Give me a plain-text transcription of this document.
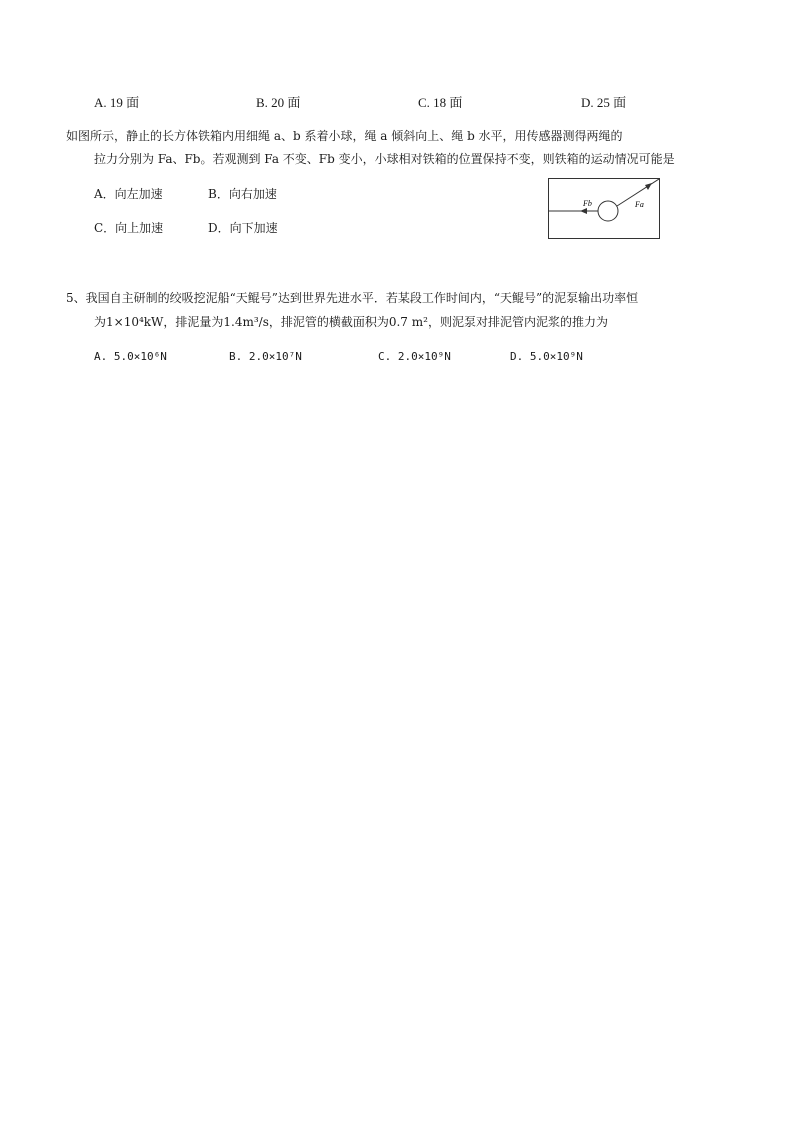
A. 19 面	B. 20 面	C. 18 面	D. 25 面
如图所示，静止的长方体铁箱内用细绳 a、b 系着小球，绳 a 倾斜向上、绳 b 水平，用传感器测得两绳的
拉力分别为 Fa、Fb。若观测到 Fa 不变、Fb 变小，小球相对铁箱的位置保持不变，则铁箱的运动情况可能是
A．向左加速	B．向右加速
C．向上加速	D．向下加速
Fb	Fa
5、我国自主研制的绞吸挖泥船“天鲲号”达到世界先进水平．若某段工作时间内，“天鲲号”的泥泵输出功率恒
为1×10⁴kW，排泥量为1.4m³/s，排泥管的横截面积为0.7 m²，则泥泵对排泥管内泥浆的推力为
A. 5.0×10⁶N	B. 2.0×10⁷N	C. 2.0×10⁹N	D. 5.0×10⁹N
